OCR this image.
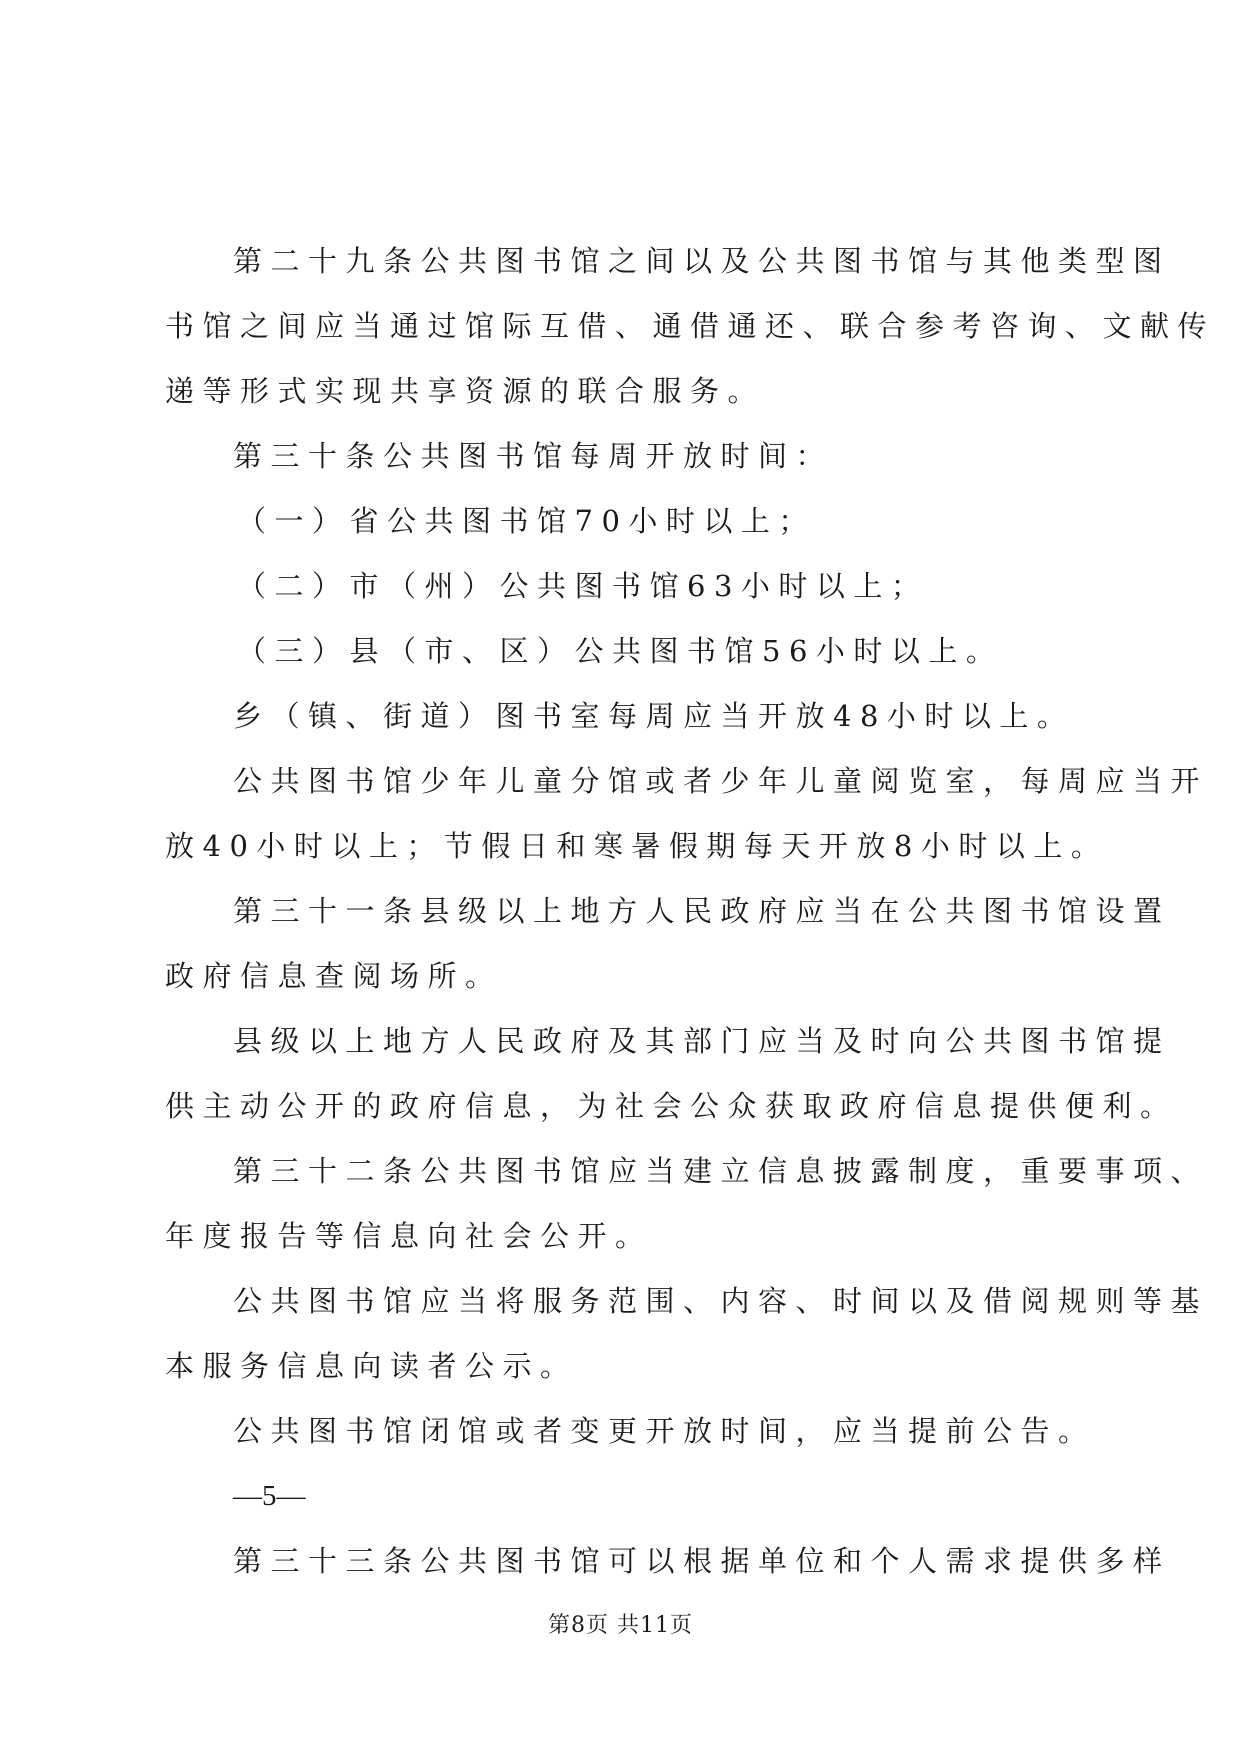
第二十九条公共图书馆之间以及公共图书馆与其他类型图
书馆之间应当通过馆际互借、通借通还、联合参考咨询、文献传
递等形式实现共享资源的联合服务。
第三十条公共图书馆每周开放时间：
（一）省公共图书馆70小时以上；
（二）市（州）公共图书馆63小时以上；
（三）县（市、区）公共图书馆56小时以上。
乡（镇、街道）图书室每周应当开放48小时以上。
公共图书馆少年儿童分馆或者少年儿童阅览室，每周应当开
放40小时以上；节假日和寒暑假期每天开放8小时以上。
第三十一条县级以上地方人民政府应当在公共图书馆设置
政府信息查阅场所。
县级以上地方人民政府及其部门应当及时向公共图书馆提
供主动公开的政府信息，为社会公众获取政府信息提供便利。
第三十二条公共图书馆应当建立信息披露制度，重要事项、
年度报告等信息向社会公开。
公共图书馆应当将服务范围、内容、时间以及借阅规则等基
本服务信息向读者公示。
公共图书馆闭馆或者变更开放时间，应当提前公告。
—5—
第三十三条公共图书馆可以根据单位和个人需求提供多样
第8页 共11页
